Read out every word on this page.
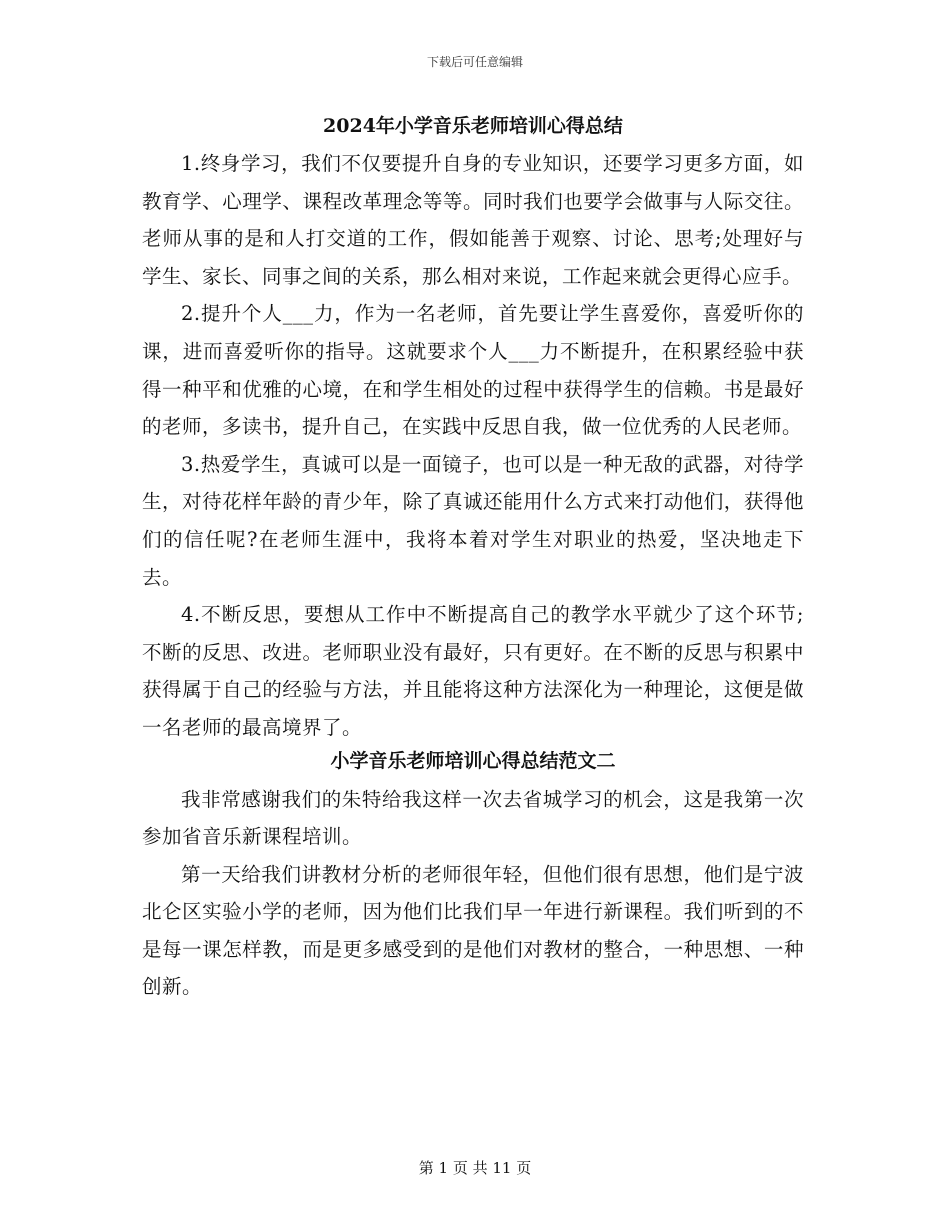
下载后可任意编辑
2024年小学音乐老师培训心得总结

1.终身学习，我们不仅要提升自身的专业知识，还要学习更多方面，如教育学、心理学、课程改革理念等等。同时我们也要学会做事与人际交往。老师从事的是和人打交道的工作，假如能善于观察、讨论、思考;处理好与学生、家长、同事之间的关系，那么相对来说，工作起来就会更得心应手。

2.提升个人___力，作为一名老师，首先要让学生喜爱你，喜爱听你的课，进而喜爱听你的指导。这就要求个人___力不断提升，在积累经验中获得一种平和优雅的心境，在和学生相处的过程中获得学生的信赖。书是最好的老师，多读书，提升自己，在实践中反思自我，做一位优秀的人民老师。

3.热爱学生，真诚可以是一面镜子，也可以是一种无敌的武器，对待学生，对待花样年龄的青少年，除了真诚还能用什么方式来打动他们，获得他们的信任呢?在老师生涯中，我将本着对学生对职业的热爱，坚决地走下去。

4.不断反思，要想从工作中不断提高自己的教学水平就少了这个环节;不断的反思、改进。老师职业没有最好，只有更好。在不断的反思与积累中获得属于自己的经验与方法，并且能将这种方法深化为一种理论，这便是做一名老师的最高境界了。

小学音乐老师培训心得总结范文二

我非常感谢我们的朱特给我这样一次去省城学习的机会，这是我第一次参加省音乐新课程培训。

第一天给我们讲教材分析的老师很年轻，但他们很有思想，他们是宁波北仑区实验小学的老师，因为他们比我们早一年进行新课程。我们听到的不是每一课怎样教，而是更多感受到的是他们对教材的整合，一种思想、一种创新。

第 1 页 共 11 页
